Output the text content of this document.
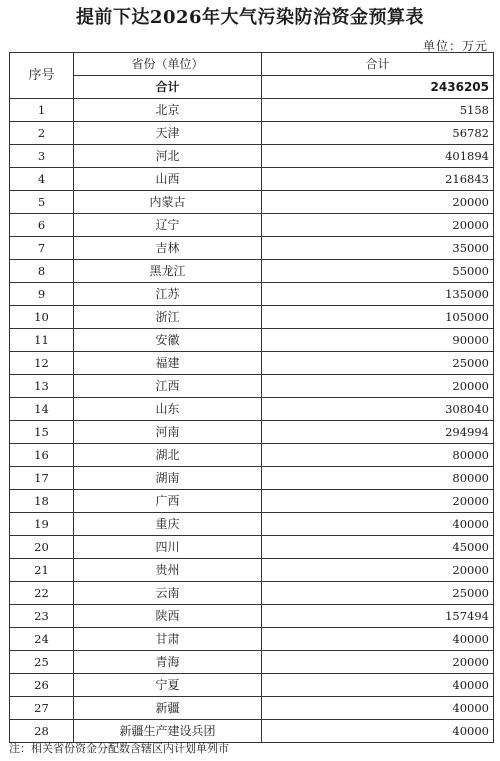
提前下达2026年大气污染防治资金预算表
单位：万元
序号	省份（单位）	合计
	合计	2436205
1	北京	5158
2	天津	56782
3	河北	401894
4	山西	216843
5	内蒙古	20000
6	辽宁	20000
7	吉林	35000
8	黑龙江	55000
9	江苏	135000
10	浙江	105000
11	安徽	90000
12	福建	25000
13	江西	20000
14	山东	308040
15	河南	294994
16	湖北	80000
17	湖南	80000
18	广西	20000
19	重庆	40000
20	四川	45000
21	贵州	20000
22	云南	25000
23	陕西	157494
24	甘肃	40000
25	青海	20000
26	宁夏	40000
27	新疆	40000
28	新疆生产建设兵团	40000
注：相关省份资金分配数含辖区内计划单列市
